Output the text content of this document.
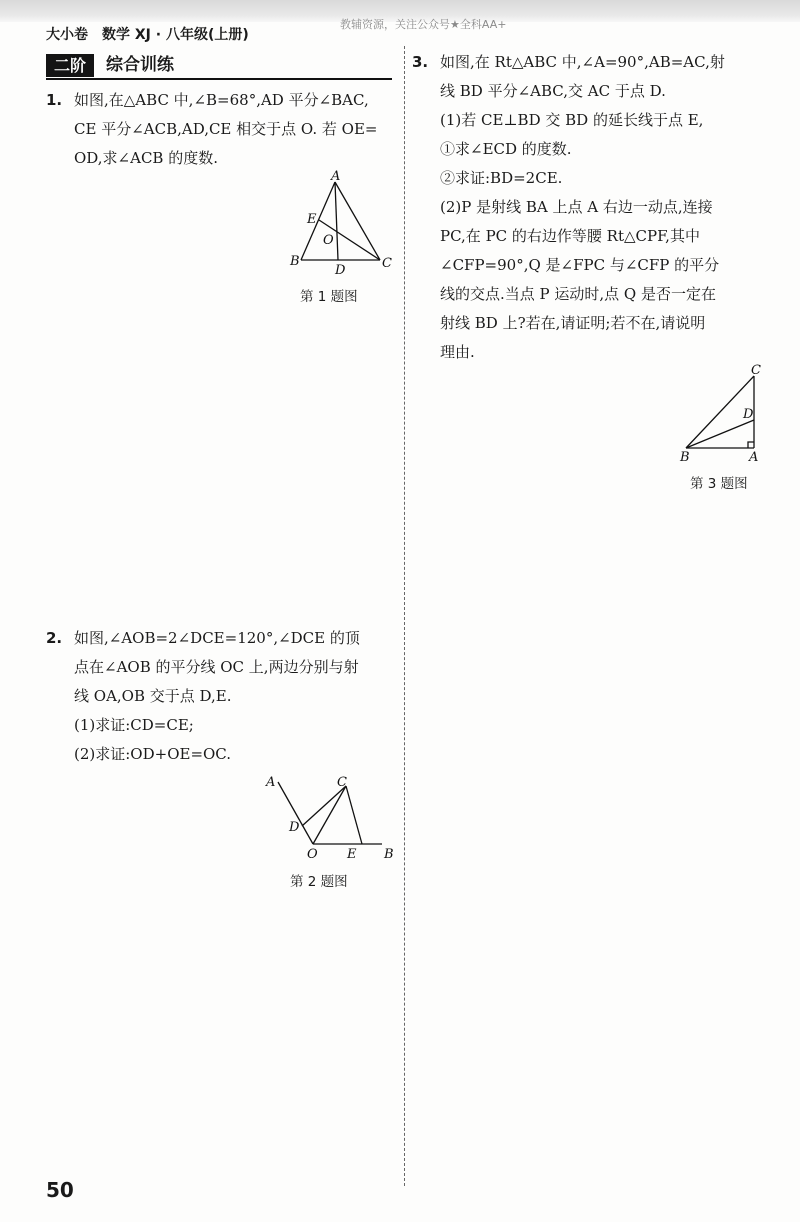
大小卷 数学 XJ · 八年级(上册)
教辅资源，关注公众号★全科AA+
二阶	综合训练
1. 如图,在△ABC 中,∠B=68°,AD 平分∠BAC,
CE 平分∠ACB,AD,CE 相交于点 O. 若 OE=
OD,求∠ACB 的度数.
A
B	C
D
E
O
第 1 题图
2. 如图,∠AOB=2∠DCE=120°,∠DCE 的顶
点在∠AOB 的平分线 OC 上,两边分别与射
线 OA,OB 交于点 D,E.
(1)求证:CD=CE;
(2)求证:OD+OE=OC.
A
B
C
D
E
O
第 2 题图
3. 如图,在 Rt△ABC 中,∠A=90°,AB=AC,射
线 BD 平分∠ABC,交 AC 于点 D.
(1)若 CE⊥BD 交 BD 的延长线于点 E,
①求∠ECD 的度数.
②求证:BD=2CE.
(2)P 是射线 BA 上点 A 右边一动点,连接
PC,在 PC 的右边作等腰 Rt△CPF,其中
∠CFP=90°,Q 是∠FPC 与∠CFP 的平分
线的交点.当点 P 运动时,点 Q 是否一定在
射线 BD 上?若在,请证明;若不在,请说明
理由.
C
B	A
D
第 3 题图
50
